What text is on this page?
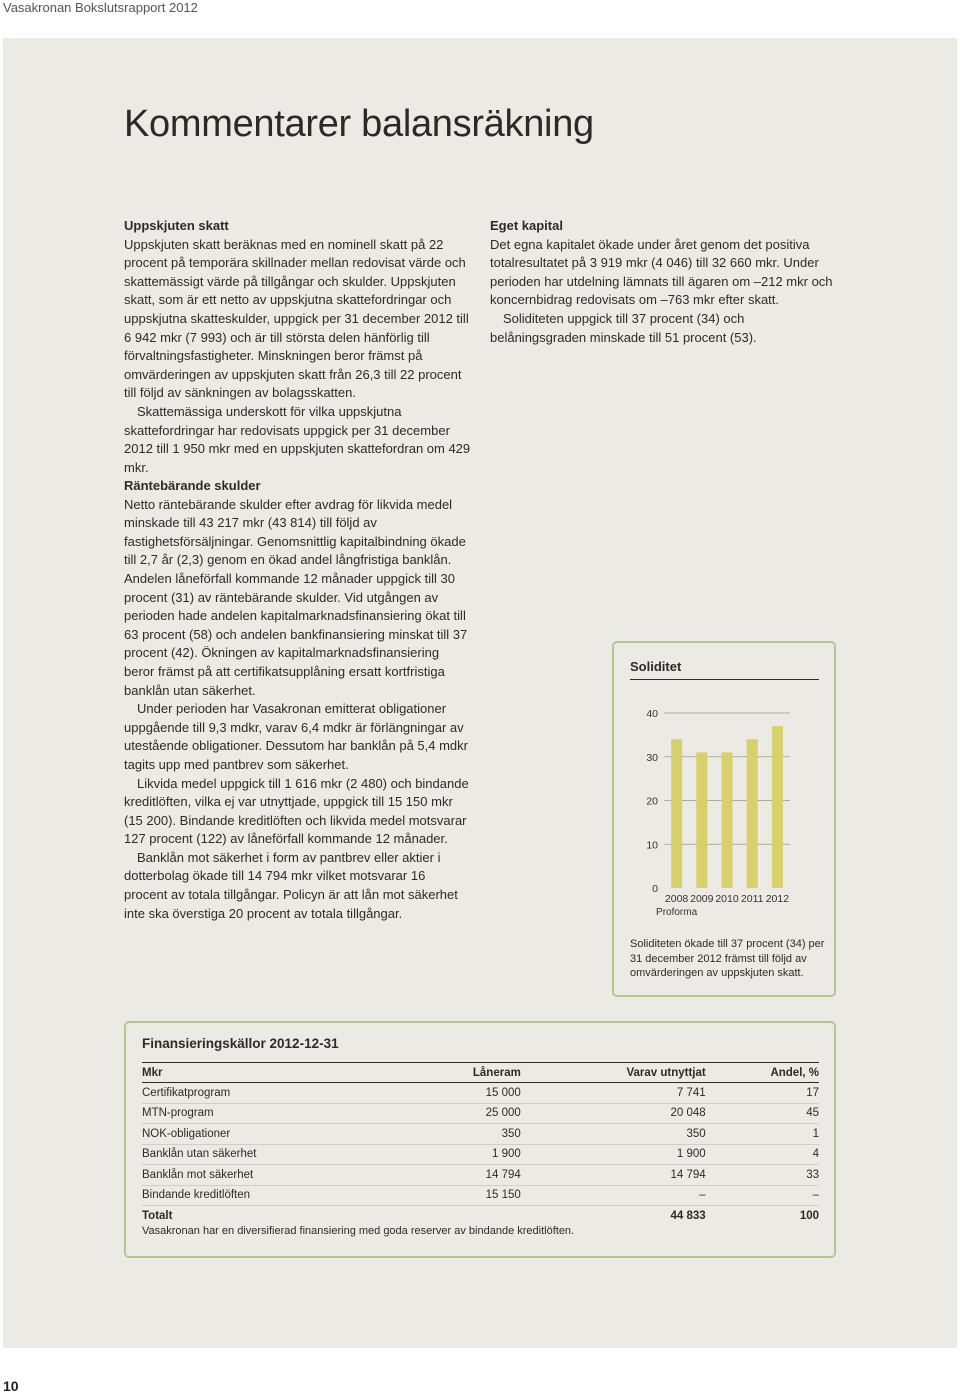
Vasakronan Bokslutsrapport 2012
Kommentarer balansräkning
Uppskjuten skatt

Uppskjuten skatt beräknas med en nominell skatt på 22 procent på temporära skillnader mellan redovisat värde och skattemässigt värde på tillgångar och skulder. Uppskjuten skatt, som är ett netto av uppskjutna skattefordringar och uppskjutna skatteskulder, uppgick per 31 december 2012 till 6 942 mkr (7 993) och är till största delen hänförlig till förvaltningsfastigheter. Minskningen beror främst på omvärderingen av uppskjuten skatt från 26,3 till 22 procent till följd av sänkningen av bolagsskatten.

Skattemässiga underskott för vilka uppskjutna skattefordringar har redovisats uppgick per 31 december 2012 till 1 950 mkr med en uppskjuten skattefordran om 429 mkr.

Räntebärande skulder

Netto räntebärande skulder efter avdrag för likvida medel minskade till 43 217 mkr (43 814) till följd av fastighetsförsäljningar. Genomsnittlig kapitalbindning ökade till 2,7 år (2,3) genom en ökad andel långfristiga banklån. Andelen låneförfall kommande 12 månader uppgick till 30 procent (31) av räntebärande skulder. Vid utgången av perioden hade andelen kapitalmarknadsfinansiering ökat till 63 procent (58) och andelen bankfinansiering minskat till 37 procent (42). Ökningen av kapitalmarknadsfinansiering beror främst på att certifikatsupplåning ersatt kortfristiga banklån utan säkerhet.

Under perioden har Vasakronan emitterat obligationer uppgående till 9,3 mdkr, varav 6,4 mdkr är förlängningar av utestående obligationer. Dessutom har banklån på 5,4 mdkr tagits upp med pantbrev som säkerhet.

Likvida medel uppgick till 1 616 mkr (2 480) och bindande kreditlöften, vilka ej var utnyttjade, uppgick till 15 150 mkr (15 200). Bindande kreditlöften och likvida medel motsvarar 127 procent (122) av låneförfall kommande 12 månader.

Banklån mot säkerhet i form av pantbrev eller aktier i dotterbolag ökade till 14 794 mkr vilket motsvarar 16 procent av totala tillgångar. Policyn är att lån mot säkerhet inte ska överstiga 20 procent av totala tillgångar.

Eget kapital

Det egna kapitalet ökade under året genom det positiva totalresultatet på 3 919 mkr (4 046) till 32 660 mkr. Under perioden har utdelning lämnats till ägaren om –212 mkr och koncernbidrag redovisats om –763 mkr efter skatt.

Soliditeten uppgick till 37 procent (34) och belåningsgraden minskade till 51 procent (53).

Soliditet
0
10
20
30
40
2008 2009 2010 2011 2012
Proforma
Soliditeten ökade till 37 procent (34) per 31 december 2012 främst till följd av omvärderingen av uppskjuten skatt.
Finansieringskällor 2012-12-31
Mkr	Låneram	Varav utnyttjat	Andel, %
Certifikatprogram	15 000	7 741	17
MTN-program	25 000	20 048	45
NOK-obligationer	350	350	1
Banklån utan säkerhet	1 900	1 900	4
Banklån mot säkerhet	14 794	14 794	33
Bindande kreditlöften	15 150	–	–
Totalt		44 833	100
Vasakronan har en diversifierad finansiering med goda reserver av bindande kreditlöften.
10
